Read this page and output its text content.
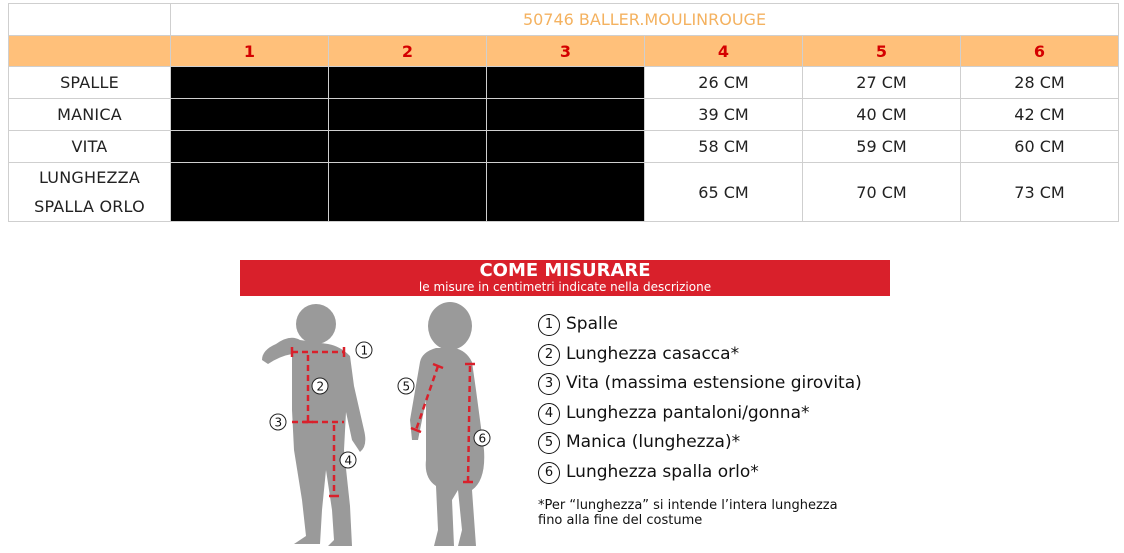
	50746 BALLER.MOULINROUGE					
	1	2	3	4	5	6
SPALLE				26 CM	27 CM	28 CM
MANICA				39 CM	40 CM	42 CM
VITA				58 CM	59 CM	60 CM
LUNGHEZZA
SPALLA ORLO				65 CM	70 CM	73 CM
COME MISURARE
le misure in centimetri indicate nella descrizione
1
2
3
4
5
6
1 Spalle
2 Lunghezza casacca*
3 Vita (massima estensione girovita)
4 Lunghezza pantaloni/gonna*
5 Manica (lunghezza)*
6 Lunghezza spalla orlo*
*Per “lunghezza” si intende l’intera lunghezza
fino alla fine del costume
